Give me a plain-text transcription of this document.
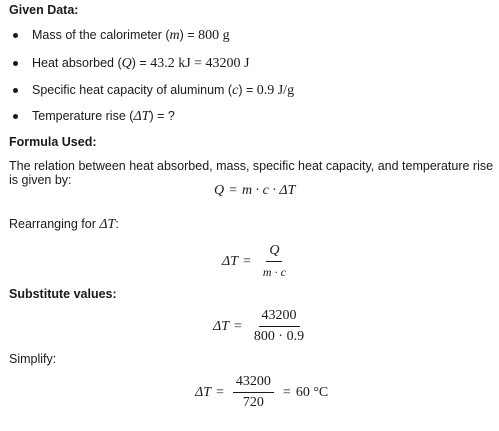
Given Data:
Mass of the calorimeter (m) = 800 g
Heat absorbed (Q) = 43.2 kJ = 43200 J
Specific heat capacity of aluminum (c) = 0.9 J/g
Temperature rise (ΔT) = ?
Formula Used:
The relation between heat absorbed, mass, specific heat capacity, and temperature rise is given by:
Q = m · c · ΔT
Rearranging for ΔT:
$\Delta T = \frac{Q}{m \cdot c}$
Substitute values:
$\Delta T = \frac{43200}{800 \cdot 0.9}$
Simplify:
$\Delta T = \frac{43200}{720} = 60$ °C
